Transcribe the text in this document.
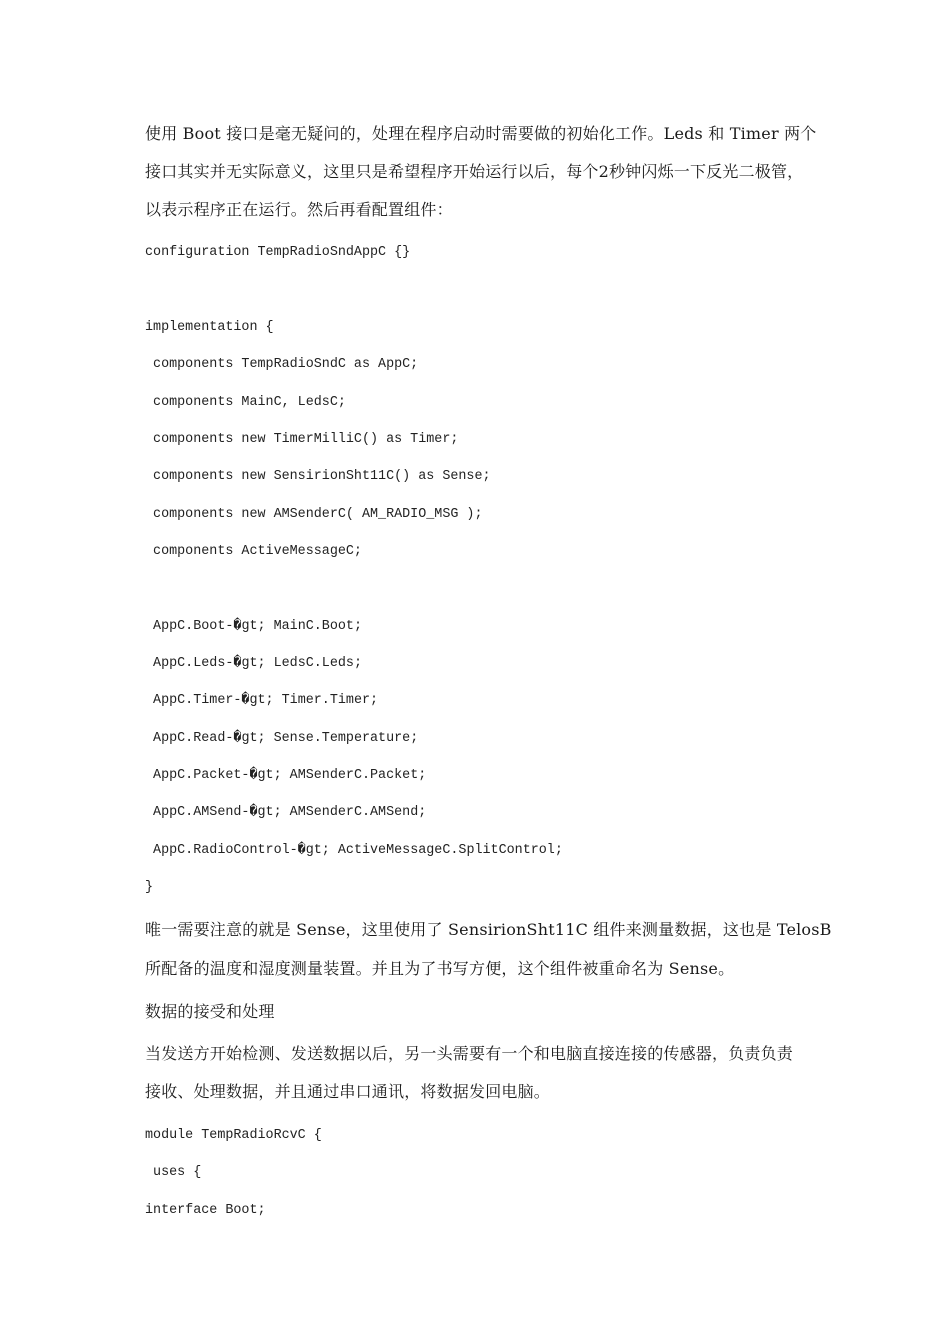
使用 Boot 接口是毫无疑问的，处理在程序启动时需要做的初始化工作。Leds 和 Timer 两个
接口其实并无实际意义，这里只是希望程序开始运行以后，每个2秒钟闪烁一下反光二极管，
以表示程序正在运行。然后再看配置组件：
configuration TempRadioSndAppC {}
implementation {
components TempRadioSndC as AppC;
components MainC, LedsC;
components new TimerMilliC() as Timer;
components new SensirionSht11C() as Sense;
components new AMSenderC( AM_RADIO_MSG );
components ActiveMessageC;
AppC.Boot-�gt; MainC.Boot;
AppC.Leds-�gt; LedsC.Leds;
AppC.Timer-�gt; Timer.Timer;
AppC.Read-�gt; Sense.Temperature;
AppC.Packet-�gt; AMSenderC.Packet;
AppC.AMSend-�gt; AMSenderC.AMSend;
AppC.RadioControl-�gt; ActiveMessageC.SplitControl;
}
唯一需要注意的就是 Sense，这里使用了 SensirionSht11C 组件来测量数据，这也是 TelosB
所配备的温度和湿度测量装置。并且为了书写方便，这个组件被重命名为 Sense。
数据的接受和处理
当发送方开始检测、发送数据以后，另一头需要有一个和电脑直接连接的传感器，负责负责
接收、处理数据，并且通过串口通讯，将数据发回电脑。
module TempRadioRcvC {
uses {
interface Boot;
